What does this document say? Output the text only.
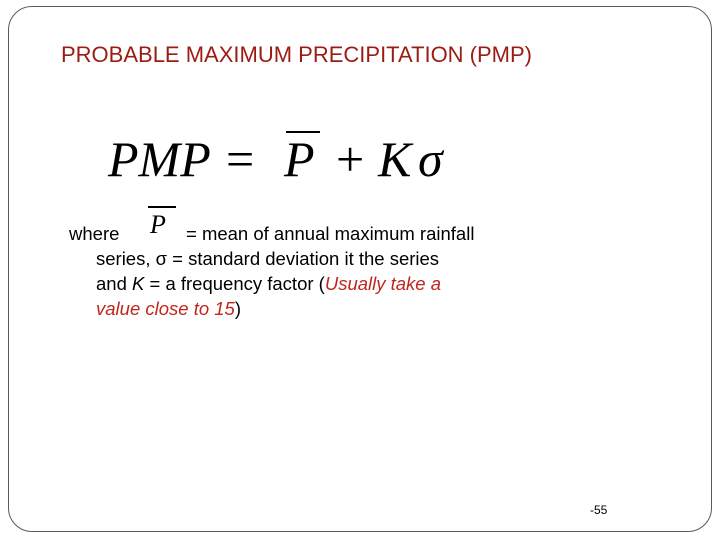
PROBABLE MAXIMUM PRECIPITATION (PMP)
PMP = P + K σ
P
where	= mean of annual maximum rainfall
series, σ = standard deviation it the series
and K = a frequency factor (Usually take a
value close to 15)
-55
